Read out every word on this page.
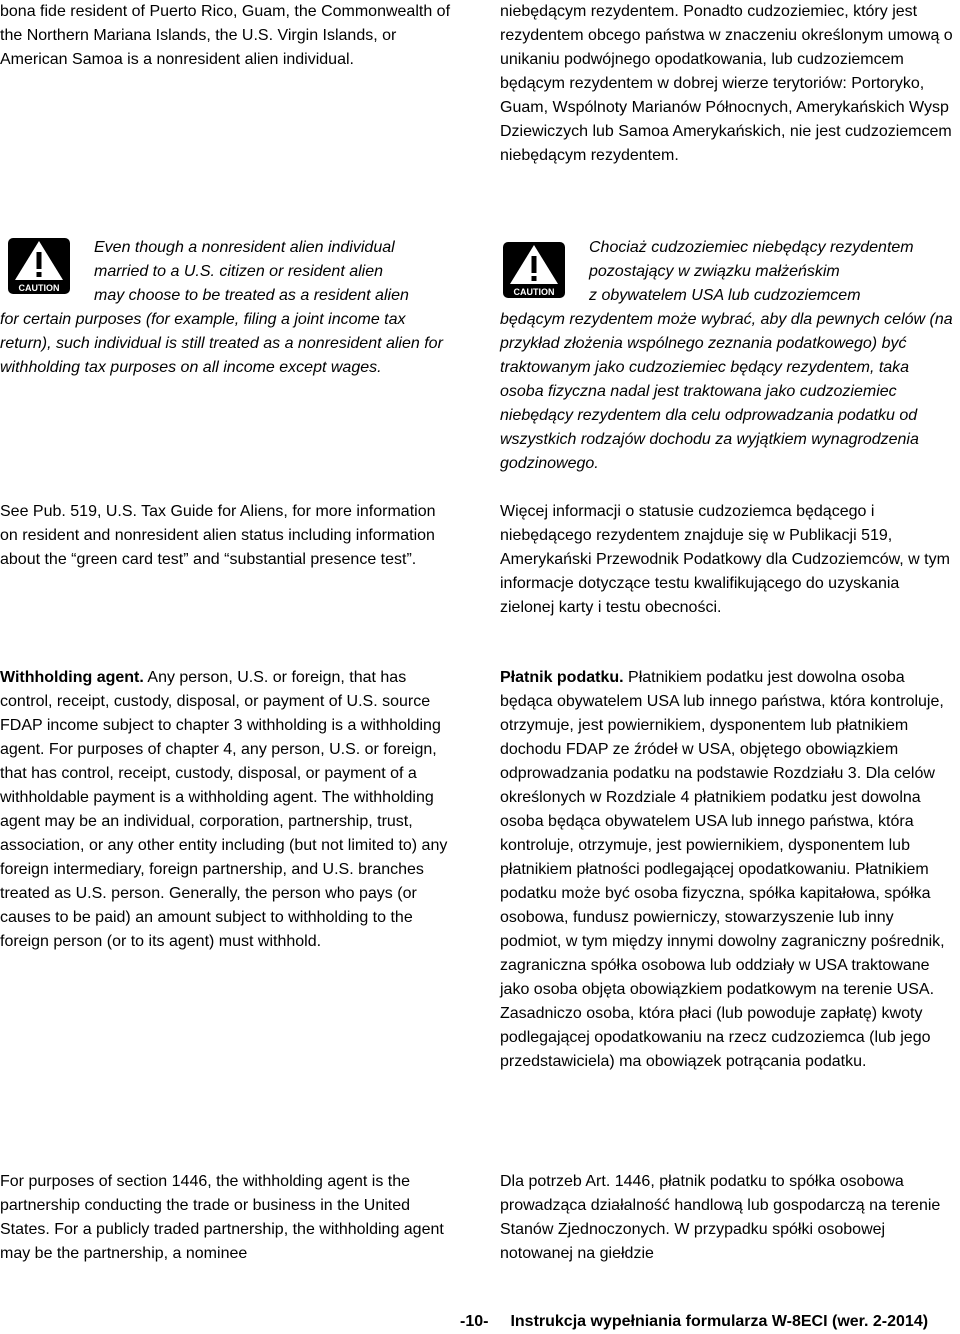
bona fide resident of Puerto Rico, Guam, the Commonwealth of the Northern Mariana Islands, the U.S. Virgin Islands, or American Samoa is a nonresident alien individual.

CAUTION
Even though a nonresident alien individual
married to a U.S. citizen or resident alien
may choose to be treated as a resident alien

for certain purposes (for example, filing a joint income tax return), such individual is still treated as a nonresident alien for withholding tax purposes on all income except wages.

See Pub. 519, U.S. Tax Guide for Aliens, for more information on resident and nonresident alien status including information about the “green card test” and “substantial presence test”.

Withholding agent. Any person, U.S. or foreign, that has control, receipt, custody, disposal, or payment of U.S. source FDAP income subject to chapter 3 withholding is a withholding agent. For purposes of chapter 4, any person, U.S. or foreign, that has control, receipt, custody, disposal, or payment of a withholdable payment is a withholding agent. The withholding agent may be an individual, corporation, partnership, trust, association, or any other entity including (but not limited to) any foreign intermediary, foreign partnership, and U.S. branches treated as U.S. person. Generally, the person who pays (or causes to be paid) an amount subject to withholding to the foreign person (or to its agent) must withhold.

For purposes of section 1446, the withholding agent is the partnership conducting the trade or business in the United States. For a publicly traded partnership, the withholding agent may be the partnership, a nominee

niebędącym rezydentem. Ponadto cudzoziemiec, który jest rezydentem obcego państwa w znaczeniu określonym umową o unikaniu podwójnego opodatkowania, lub cudzoziemcem będącym rezydentem w dobrej wierze terytoriów: Portoryko, Guam, Wspólnoty Marianów Północnych, Amerykańskich Wysp Dziewiczych lub Samoa Amerykańskich, nie jest cudzoziemcem niebędącym rezydentem.

CAUTION
Chociaż cudzoziemiec niebędący rezydentem
pozostający w związku małżeńskim
z obywatelem USA lub cudzoziemcem

będącym rezydentem może wybrać, aby dla pewnych celów (na przykład złożenia wspólnego zeznania podatkowego) być traktowanym jako cudzoziemiec będący rezydentem, taka osoba fizyczna nadal jest traktowana jako cudzoziemiec niebędący rezydentem dla celu odprowadzania podatku od wszystkich rodzajów dochodu za wyjątkiem wynagrodzenia godzinowego.

Więcej informacji o statusie cudzoziemca będącego i niebędącego rezydentem znajduje się w Publikacji 519, Amerykański Przewodnik Podatkowy dla Cudzoziemców, w tym informacje dotyczące testu kwalifikującego do uzyskania zielonej karty i testu obecności.

Płatnik podatku. Płatnikiem podatku jest dowolna osoba będąca obywatelem USA lub innego państwa, która kontroluje, otrzymuje, jest powiernikiem, dysponentem lub płatnikiem dochodu FDAP ze źródeł w USA, objętego obowiązkiem odprowadzania podatku na podstawie Rozdziału 3. Dla celów określonych w Rozdziale 4 płatnikiem podatku jest dowolna osoba będąca obywatelem USA lub innego państwa, która kontroluje, otrzymuje, jest powiernikiem, dysponentem lub płatnikiem płatności podlegającej opodatkowaniu. Płatnikiem podatku może być osoba fizyczna, spółka kapitałowa, spółka osobowa, fundusz powierniczy, stowarzyszenie lub inny podmiot, w tym między innymi dowolny zagraniczny pośrednik, zagraniczna spółka osobowa lub oddziały w USA traktowane jako osoba objęta obowiązkiem podatkowym na terenie USA. Zasadniczo osoba, która płaci (lub powoduje zapłatę) kwoty podlegającej opodatkowaniu na rzecz cudzoziemca (lub jego przedstawiciela) ma obowiązek potrącania podatku.

Dla potrzeb Art. 1446, płatnik podatku to spółka osobowa prowadząca działalność handlową lub gospodarczą na terenie Stanów Zjednoczonych. W przypadku spółki osobowej notowanej na giełdzie

-10- Instrukcja wypełniania formularza W-8ECI (wer. 2-2014)
